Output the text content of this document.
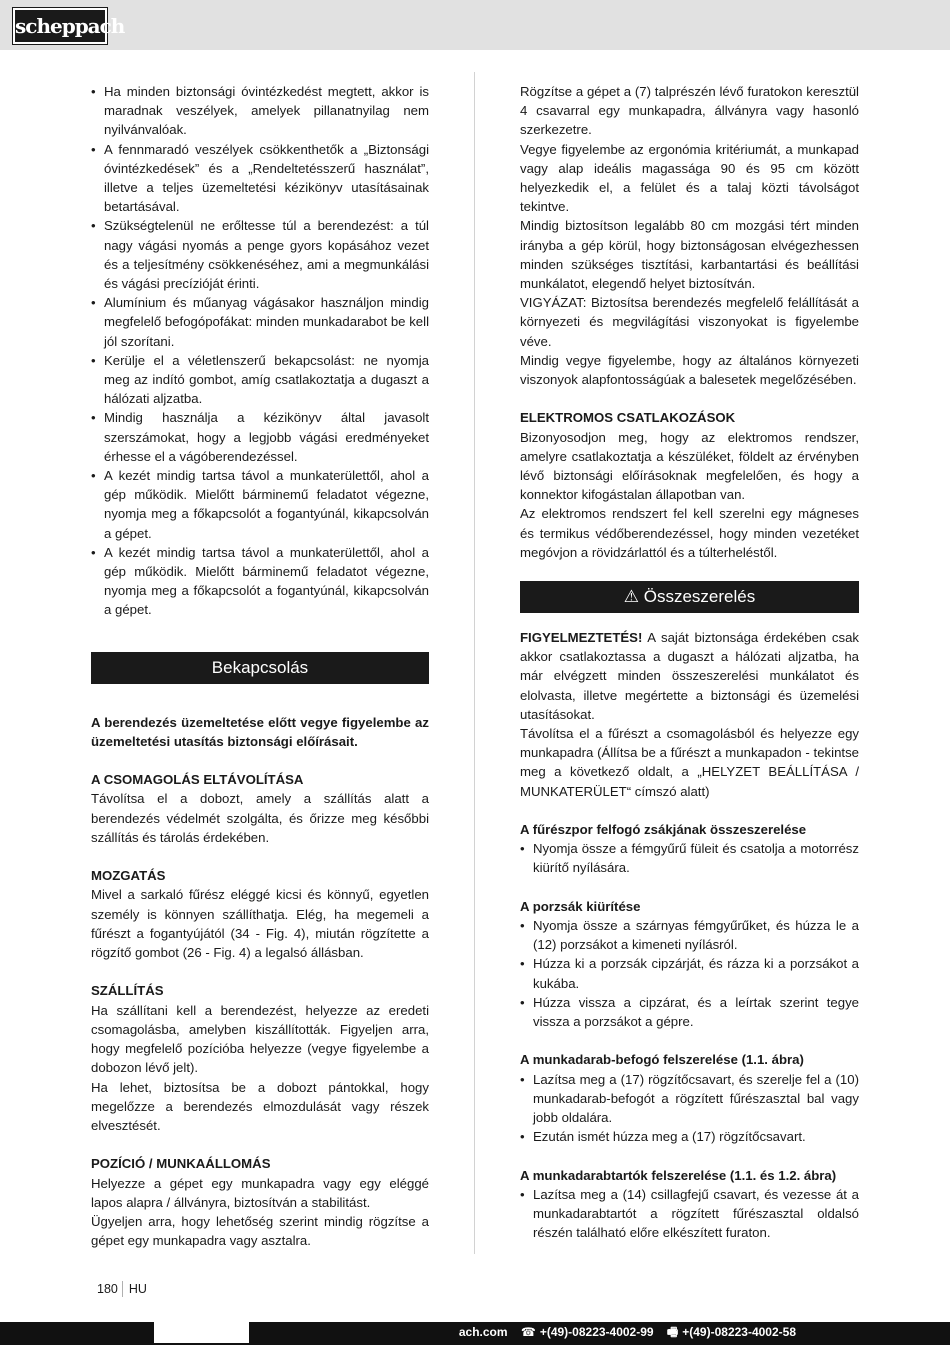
scheppach
• Ha minden biztonsági óvintézkedést megtett, akkor is maradnak veszélyek, amelyek pillanatnyilag nem nyilvánvalóak.
• A fennmaradó veszélyek csökkenthetők a „Biztonsági óvintézkedések” és a „Rendeltetésszerű használat”, illetve a teljes üzemeltetési kézikönyv utasításainak betartásával.
• Szükségtelenül ne erőltesse túl a berendezést: a túl nagy vágási nyomás a penge gyors kopásához vezet és a teljesítmény csökkenéséhez, ami a megmunkálási és vágási precízióját érinti.
• Alumínium és műanyag vágásakor használjon mindig megfelelő befogópofákat: minden munkadarabot be kell jól szorítani.
• Kerülje el a véletlenszerű bekapcsolást: ne nyomja meg az indító gombot, amíg csatlakoztatja a dugaszt a hálózati aljzatba.
• Mindig használja a kézikönyv által javasolt szerszámokat, hogy a legjobb vágási eredményeket érhesse el a vágóberendezéssel.
• A kezét mindig tartsa távol a munkaterülettől, ahol a gép működik. Mielőtt bárminemű feladatot végezne, nyomja meg a főkapcsolót a fogantyúnál, kikapcsolván a gépet.
• A kezét mindig tartsa távol a munkaterülettől, ahol a gép működik. Mielőtt bárminemű feladatot végezne, nyomja meg a főkapcsolót a fogantyúnál, kikapcsolván a gépet.
Bekapcsolás

A berendezés üzemeltetése előtt vegye figyelembe az üzemeltetési utasítás biztonsági előírásait.

A CSOMAGOLÁS ELTÁVOLÍTÁSA

Távolítsa el a dobozt, amely a szállítás alatt a berendezés védelmét szolgálta, és őrizze meg későbbi szállítás és tárolás érdekében.

MOZGATÁS

Mivel a sarkaló fűrész eléggé kicsi és könnyű, egyetlen személy is könnyen szállíthatja. Elég, ha megemeli a fűrészt a fogantyújától (34 - Fig. 4), miután rögzítette a rögzítő gombot (26 - Fig. 4) a legalsó állásban.

SZÁLLÍTÁS

Ha szállítani kell a berendezést, helyezze az eredeti csomagolásba, amelyben kiszállították. Figyeljen arra, hogy megfelelő pozícióba helyezze (vegye figyelembe a dobozon lévő jelt).

Ha lehet, biztosítsa be a dobozt pántokkal, hogy megelőzze a berendezés elmozdulását vagy részek elvesztését.

POZÍCIÓ / MUNKAÁLLOMÁS

Helyezze a gépet egy munkapadra vagy egy eléggé lapos alapra / állványra, biztosítván a stabilitást.

Ügyeljen arra, hogy lehetőség szerint mindig rögzítse a gépet egy munkapadra vagy asztalra.

Rögzítse a gépet a (7) talprészén lévő furatokon keresztül 4 csavarral egy munkapadra, állványra vagy hasonló szerkezetre.

Vegye figyelembe az ergonómia kritériumát, a munkapad vagy alap ideális magassága 90 és 95 cm között helyezkedik el, a felület és a talaj közti távolságot tekintve.

Mindig biztosítson legalább 80 cm mozgási tért minden irányba a gép körül, hogy biztonságosan elvégezhessen minden szükséges tisztítási, karbantartási és beállítási munkálatot, elegendő helyet biztosítván.

VIGYÁZAT: Biztosítsa berendezés megfelelő felállítását a környezeti és megvilágítási viszonyokat is figyelembe véve.

Mindig vegye figyelembe, hogy az általános környezeti viszonyok alapfontosságúak a balesetek megelőzésében.

ELEKTROMOS CSATLAKOZÁSOK

Bizonyosodjon meg, hogy az elektromos rendszer, amelyre csatlakoztatja a készüléket, földelt az érvényben lévő biztonsági előírásoknak megfelelően, és hogy a konnektor kifogástalan állapotban van.

Az elektromos rendszert fel kell szerelni egy mágneses és termikus védőberendezéssel, hogy minden vezetéket megóvjon a rövidzárlattól és a túlterheléstől.

⚠ Összeszerelés

FIGYELMEZTETÉS! A saját biztonsága érdekében csak akkor csatlakoztassa a dugaszt a hálózati aljzatba, ha már elvégzett minden összeszerelési munkálatot és elolvasta, illetve megértette a biztonsági és üzemelési utasításokat.

Távolítsa el a fűrészt a csomagolásból és helyezze egy munkapadra (Állítsa be a fűrészt a munkapadon - tekintse meg a következő oldalt, a „HELYZET BEÁLLÍTÁSA / MUNKATERÜLET“ címszó alatt)

A fűrészpor felfogó zsákjának összeszerelése

• Nyomja össze a fémgyűrű füleit és csatolja a motorrész kiürítő nyílására.

A porzsák kiürítése

• Nyomja össze a szárnyas fémgyűrűket, és húzza le a (12) porzsákot a kimeneti nyílásról.
• Húzza ki a porzsák cipzárját, és rázza ki a porzsákot a kukába.
• Húzza vissza a cipzárat, és a leírtak szerint tegye vissza a porzsákot a gépre.

A munkadarab-befogó felszerelése (1.1. ábra)

• Lazítsa meg a (17) rögzítőcsavart, és szerelje fel a (10) munkadarab-befogót a rögzített fűrészasztal bal vagy jobb oldalára.
• Ezután ismét húzza meg a (17) rögzítőcsavart.

A munkadarabtartók felszerelése (1.1. és 1.2. ábra)

• Lazítsa meg a (14) csillagfejű csavart, és vezesse át a munkadarabtartót a rögzített fűrészasztal oldalsó részén található előre elkészített furaton.
180 HU
ach.com ☎ +(49)-08223-4002-99 🖷 +(49)-08223-4002-58
